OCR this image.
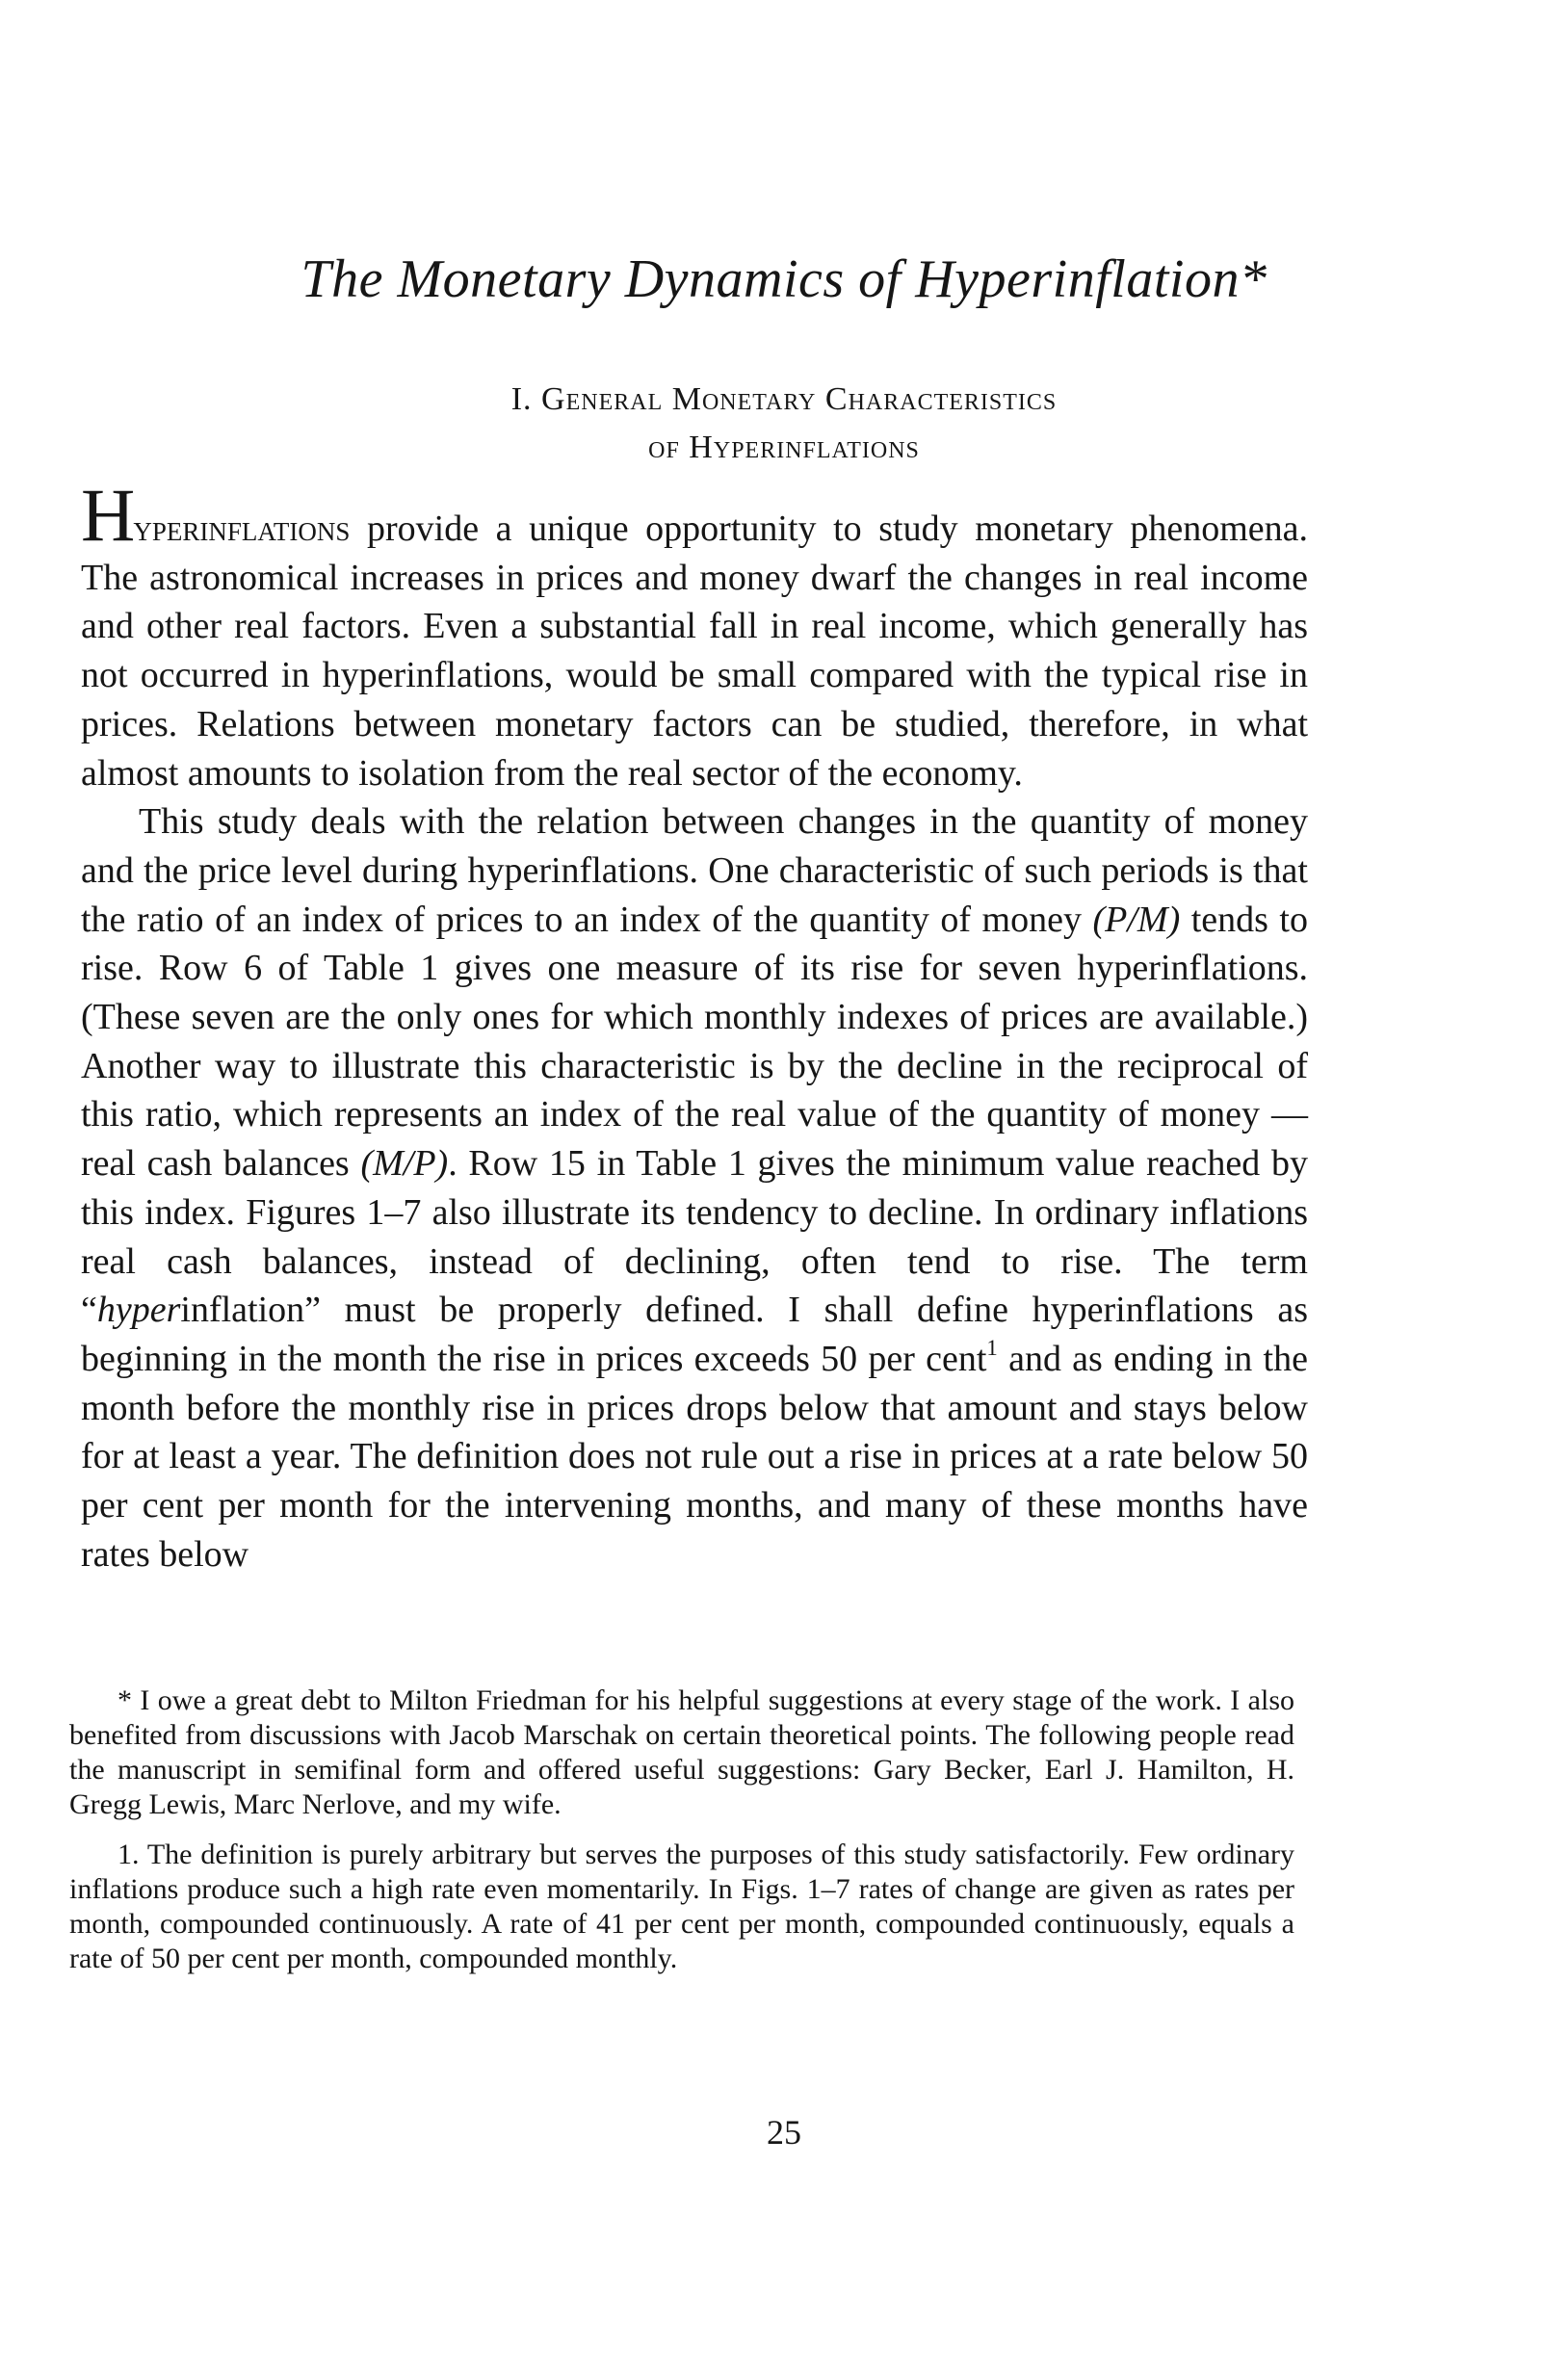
The Monetary Dynamics of Hyperinflation*
I. General Monetary Characteristics
of Hyperinflations

Hyperinflations provide a unique opportunity to study monetary phenomena. The astronomical increases in prices and money dwarf the changes in real income and other real factors. Even a substantial fall in real income, which generally has not occurred in hyperinflations, would be small compared with the typical rise in prices. Relations between monetary factors can be studied, therefore, in what almost amounts to isolation from the real sector of the economy.

This study deals with the relation between changes in the quantity of money and the price level during hyperinflations. One characteristic of such periods is that the ratio of an index of prices to an index of the quantity of money (P/M) tends to rise. Row 6 of Table 1 gives one measure of its rise for seven hyperinflations. (These seven are the only ones for which monthly indexes of prices are available.) Another way to illustrate this characteristic is by the decline in the reciprocal of this ratio, which represents an index of the real value of the quantity of money —real cash balances (M/P). Row 15 in Table 1 gives the minimum value reached by this index. Figures 1–7 also illustrate its tendency to decline. In ordinary inflations real cash balances, instead of declining, often tend to rise. The term “hyperinflation” must be properly defined. I shall define hyperinflations as beginning in the month the rise in prices exceeds 50 per cent$^1$ and as ending in the month before the monthly rise in prices drops below that amount and stays below for at least a year. The definition does not rule out a rise in prices at a rate below 50 per cent per month for the intervening months, and many of these months have rates below

* I owe a great debt to Milton Friedman for his helpful suggestions at every stage of the work. I also benefited from discussions with Jacob Marschak on certain theoretical points. The following people read the manuscript in semifinal form and offered useful suggestions: Gary Becker, Earl J. Hamilton, H. Gregg Lewis, Marc Nerlove, and my wife.

1. The definition is purely arbitrary but serves the purposes of this study satisfactorily. Few ordinary inflations produce such a high rate even momentarily. In Figs. 1–7 rates of change are given as rates per month, compounded continuously. A rate of 41 per cent per month, compounded continuously, equals a rate of 50 per cent per month, compounded monthly.

25
